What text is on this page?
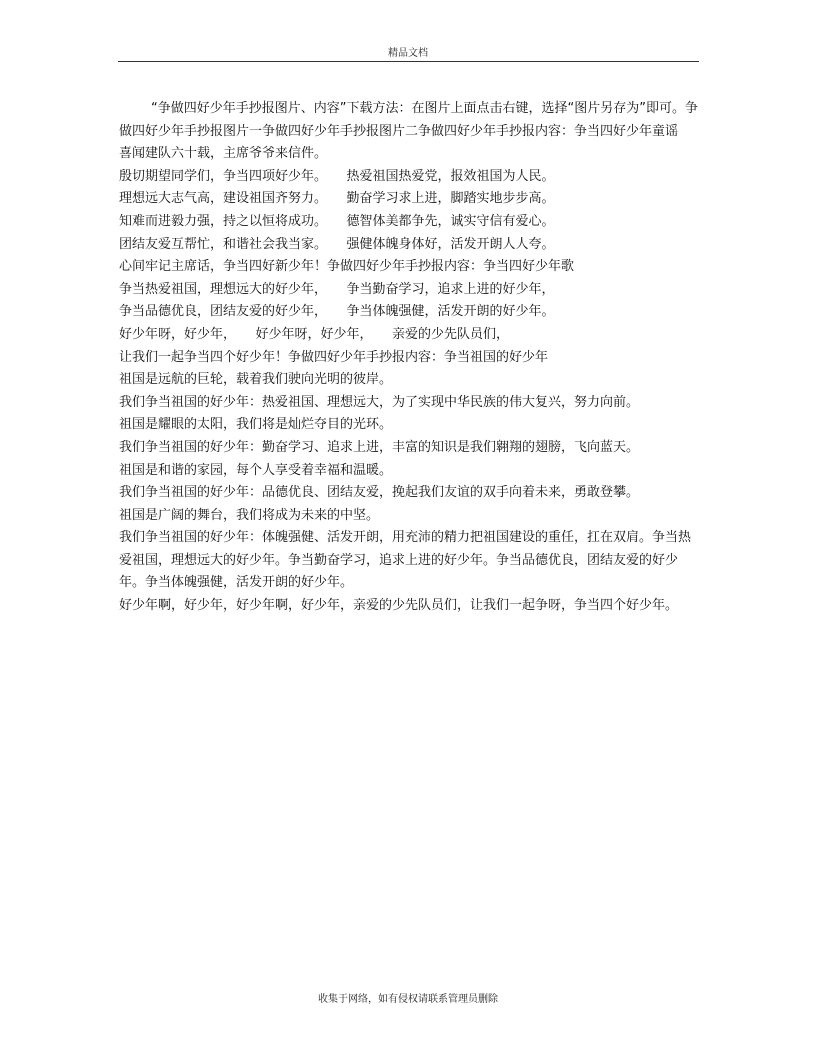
精品文档
“争做四好少年手抄报图片、内容”下载方法：在图片上面点击右键，选择“图片另存为”即可。争做四好少年手抄报图片一争做四好少年手抄报图片二争做四好少年手抄报内容：争当四好少年童谣　　喜闻建队六十载，主席爷爷来信件。
殷切期望同学们，争当四项好少年。　　热爱祖国热爱党，报效祖国为人民。
理想远大志气高，建设祖国齐努力。　　勤奋学习求上进，脚踏实地步步高。
知难而进毅力强，持之以恒将成功。　　德智体美都争先，诚实守信有爱心。
团结友爱互帮忙，和谐社会我当家。　　强健体魄身体好，活发开朗人人夸。
心间牢记主席话，争当四好新少年！争做四好少年手抄报内容：争当四好少年歌
争当热爱祖国，理想远大的好少年，　　争当勤奋学习，追求上进的好少年，
争当品德优良，团结友爱的好少年，　　争当体魄强健，活发开朗的好少年。
好少年呀，好少年，　　好少年呀，好少年，　　亲爱的少先队员们，
让我们一起争当四个好少年！争做四好少年手抄报内容：争当祖国的好少年
祖国是远航的巨轮，载着我们驶向光明的彼岸。
我们争当祖国的好少年：热爱祖国、理想远大，为了实现中华民族的伟大复兴，努力向前。
祖国是耀眼的太阳，我们将是灿烂夺目的光环。
我们争当祖国的好少年：勤奋学习、追求上进，丰富的知识是我们翱翔的翅膀，飞向蓝天。
祖国是和谐的家园，每个人享受着幸福和温暖。
我们争当祖国的好少年：品德优良、团结友爱，挽起我们友谊的双手向着未来，勇敢登攀。
祖国是广阔的舞台，我们将成为未来的中坚。
我们争当祖国的好少年：体魄强健、活发开朗，用充沛的精力把祖国建设的重任，扛在双肩。争当热爱祖国，理想远大的好少年。争当勤奋学习，追求上进的好少年。争当品德优良，团结友爱的好少年。争当体魄强健，活发开朗的好少年。
好少年啊，好少年，好少年啊，好少年，亲爱的少先队员们，让我们一起争呀，争当四个好少年。
收集于网络，如有侵权请联系管理员删除
